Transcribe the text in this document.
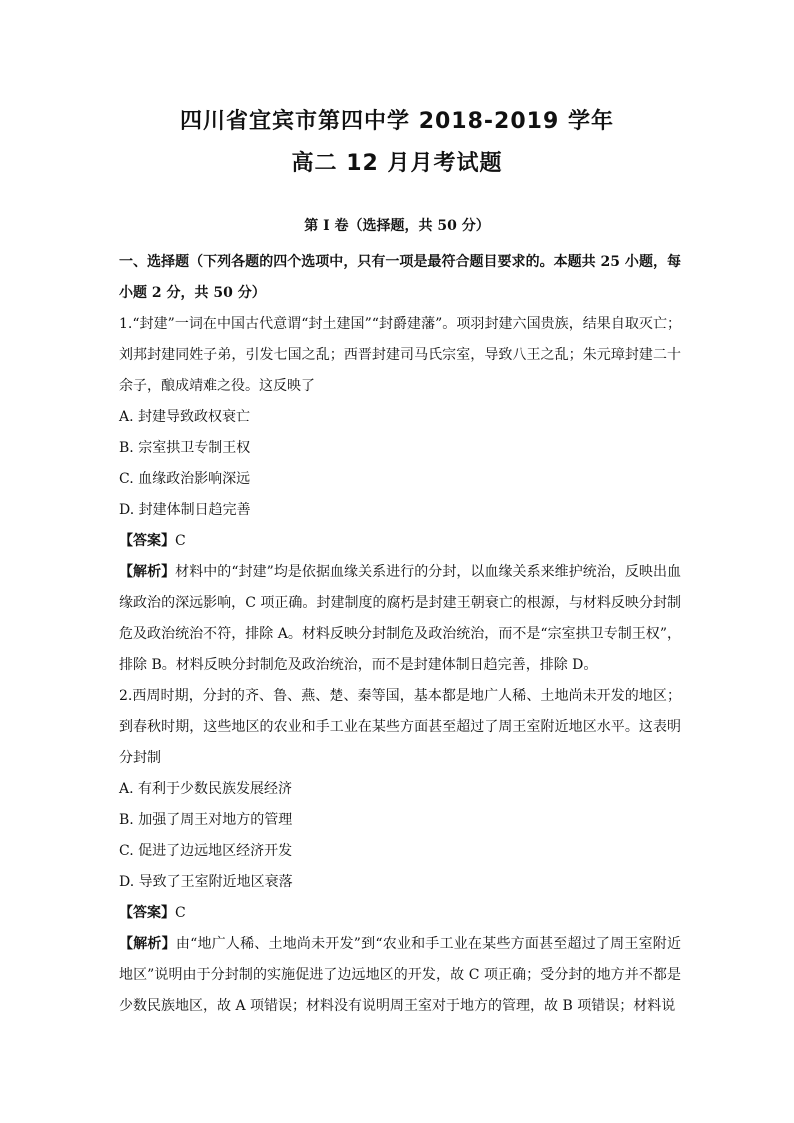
四川省宜宾市第四中学 2018-2019 学年
高二 12 月月考试题
第 I 卷（选择题，共 50 分）

一、选择题（下列各题的四个选项中，只有一项是最符合题目要求的。本题共 25 小题，每小题 2 分，共 50 分）

1.“封建”一词在中国古代意谓“封土建国”“封爵建藩”。项羽封建六国贵族，结果自取灭亡；刘邦封建同姓子弟，引发七国之乱；西晋封建司马氏宗室，导致八王之乱；朱元璋封建二十余子，酿成靖难之役。这反映了

A. 封建导致政权衰亡

B. 宗室拱卫专制王权

C. 血缘政治影响深远

D. 封建体制日趋完善

【答案】C

【解析】材料中的“封建”均是依据血缘关系进行的分封，以血缘关系来维护统治，反映出血缘政治的深远影响，C 项正确。封建制度的腐朽是封建王朝衰亡的根源，与材料反映分封制危及政治统治不符，排除 A。材料反映分封制危及政治统治，而不是“宗室拱卫专制王权”，排除 B。材料反映分封制危及政治统治，而不是封建体制日趋完善，排除 D。

2.西周时期，分封的齐、鲁、燕、楚、秦等国，基本都是地广人稀、土地尚未开发的地区；到春秋时期，这些地区的农业和手工业在某些方面甚至超过了周王室附近地区水平。这表明分封制

A. 有利于少数民族发展经济

B. 加强了周王对地方的管理

C. 促进了边远地区经济开发

D. 导致了王室附近地区衰落

【答案】C

【解析】由“地广人稀、土地尚未开发”到“农业和手工业在某些方面甚至超过了周王室附近地区”说明由于分封制的实施促进了边远地区的开发，故 C 项正确；受分封的地方并不都是少数民族地区，故 A 项错误；材料没有说明周王室对于地方的管理，故 B 项错误；材料说
